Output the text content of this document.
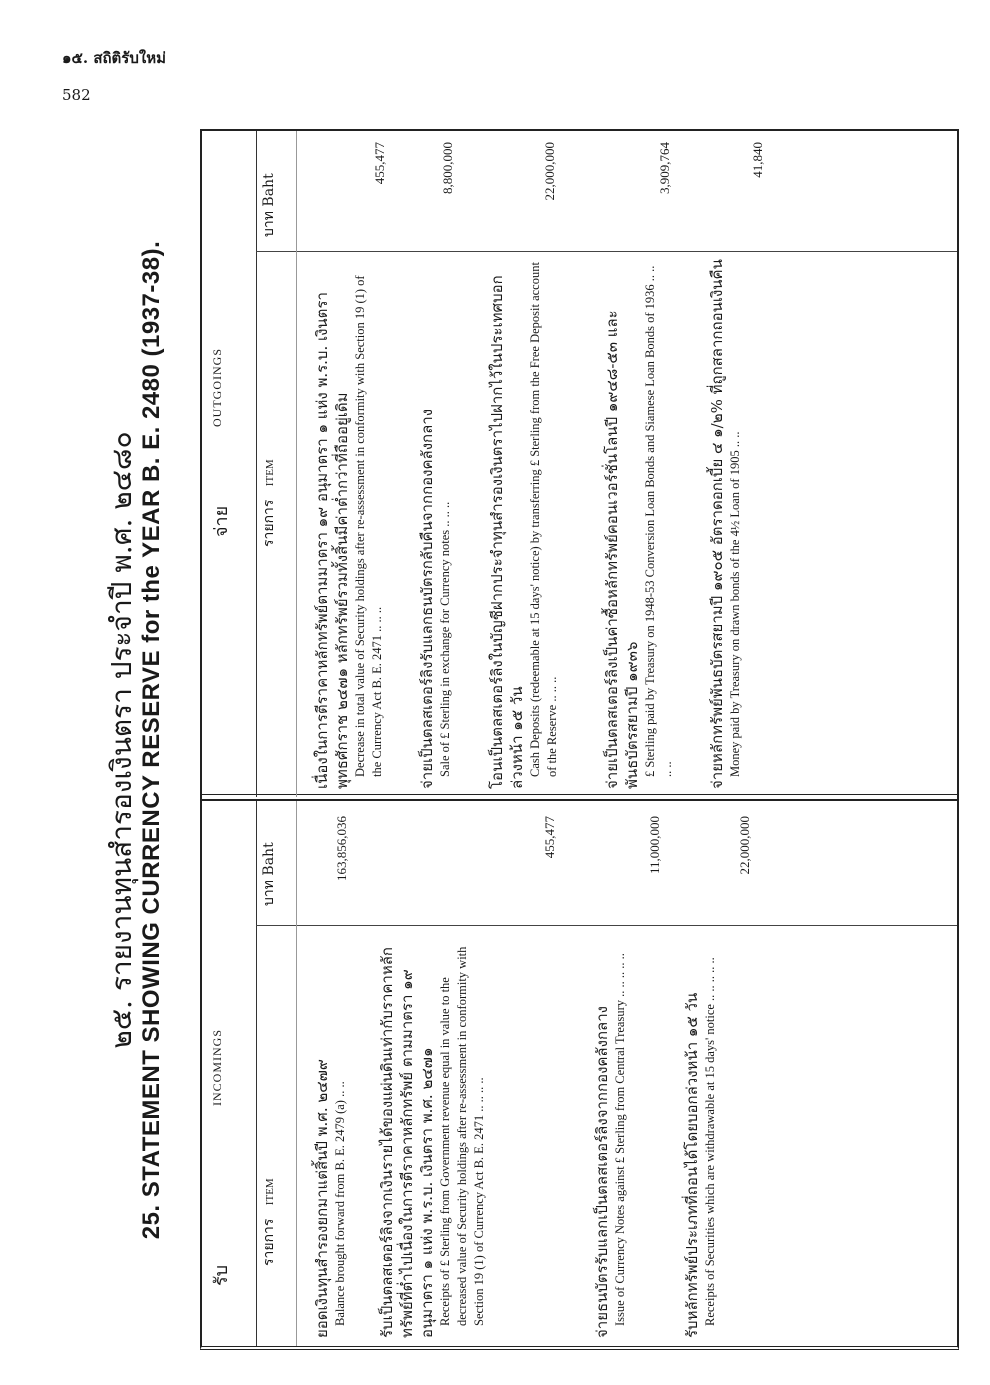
๑๕. สถิติรับใหม่
582
๒๕. รายงานทุนสำรองเงินตรา ประจำปี พ.ศ. ๒๔๘๐ 25. STATEMENT SHOWING CURRENCY RESERVE for the YEAR B. E. 2480 (1937-38).
รับ
INCOMINGS
รายการ   ITEM
บาท Baht
ยอดเงินทุนสำรองยกมาแต่สิ้นปี พ.ศ. ๒๔๗๙ Balance brought forward from B. E. 2479 (a) .. ..
163,856,036
รับเป็นตลสเตอร์ลิงจากเงินรายได้ของแผ่นดินเท่ากับราคาหลักทรัพย์ที่ต่ำไปเนื่องในการตีราคาหลักทรัพย์ ตามมาตรา ๑๙ อนุมาตรา ๑ แห่ง พ.ร.บ. เงินตรา พ.ศ. ๒๔๗๑ Receipts of £ Sterling from Government revenue equal in value to the decreased value of Security holdings after re-assessment in conformity with Section 19 (1) of Currency Act B. E. 2471 .. .. .. ..
455,477
จ่ายธนบัตรรับแลกเป็นตลสเตอร์ลิงจากกองคลังกลาง Issue of Currency Notes against £ Sterling from Central Treasury .. .. .. .. ..
11,000,000
รับหลักทรัพย์ประเภทที่ถอนได้โดยบอกล่วงหน้า ๑๕ วัน Receipts of Securities which are withdrawable at 15 days' notice .. .. .. .. ..
22,000,000
จ่าย
OUTGOINGS
รายการ   ITEM
บาท Baht
เนื่องในการตีราคาหลักทรัพย์ตามมาตรา ๑๙ อนุมาตรา ๑ แห่ง พ.ร.บ. เงินตรา พุทธศักราช ๒๔๗๑ หลักทรัพย์รวมทั้งสิ้นมีค่าต่ำกว่าที่ถืออยู่เดิม Decrease in total value of Security holdings after re-assessment in conformity with Section 19 (1) of the Currency Act B. E. 2471 .. .. ..
455,477
จ่ายเป็นตลสเตอร์ลิงรับแลกธนบัตรกลับคืนจากกองคลังกลาง Sale of £ Sterling in exchange for Currency notes .. .. ..
8,800,000
โอนเป็นตลสเตอร์ลิงในบัญชีฝากประจำทุนสำรองเงินตราไปฝากไว้ในประเทศบอกล่วงหน้า ๑๕ วัน Cash Deposits (redeemable at 15 days' notice) by transferring £ Sterling from the Free Deposit account of the Reserve .. .. ..
22,000,000
จ่ายเป็นตลสเตอร์ลิงเป็นค่าซื้อหลักทรัพย์คอนเวอร์ชั่นโลนปี ๑๙๔๘-๕๓ และพันธบัตรสยามปี ๑๙๓๖ £ Sterling paid by Treasury on 1948-53 Conversion Loan Bonds and Siamese Loan Bonds of 1936 .. .. .. ..
3,909,764
จ่ายหลักทรัพย์พันธบัตรสยามปี ๑๙๐๕ อัตราดอกเบี้ย ๔ ๑/๒% ที่ถูกสลากถอนเงินคืน Money paid by Treasury on drawn bonds of the 4½ Loan of 1905 .. ..
41,840
